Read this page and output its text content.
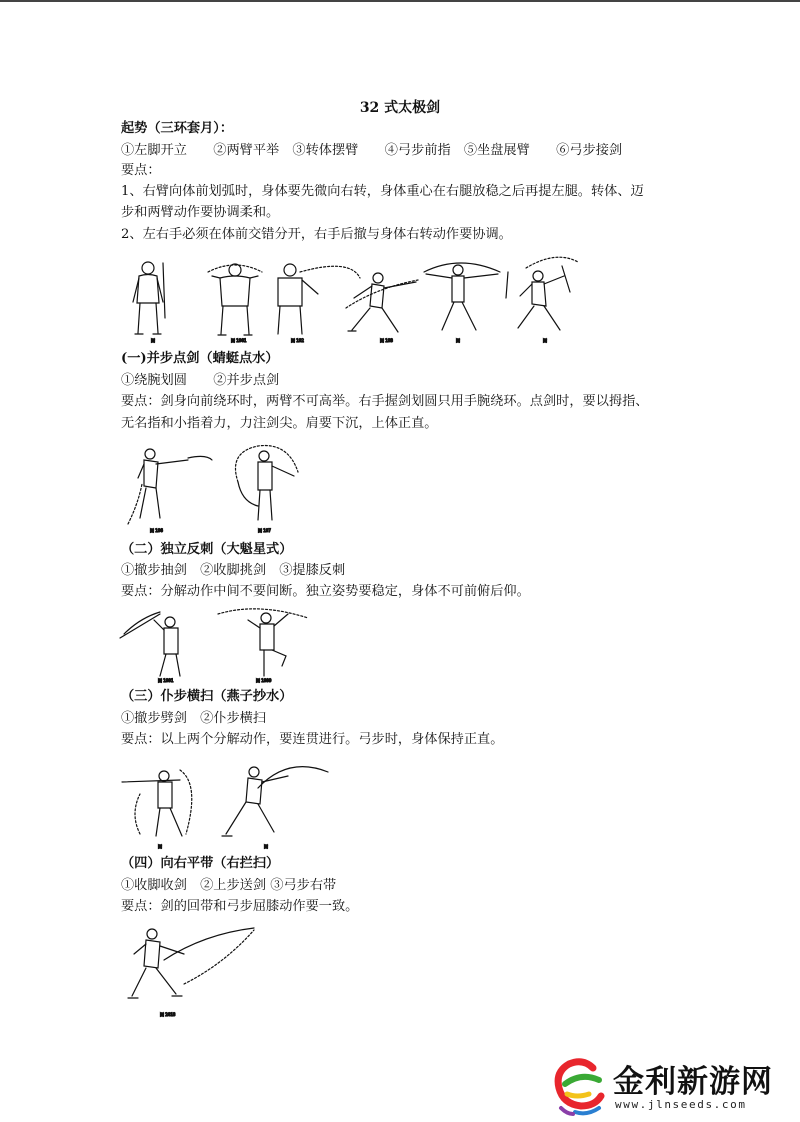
32 式太极剑
起势（三环套月）：
①左脚开立　　②两臂平举　③转体摆臂　　④弓步前指　⑤坐盘展臂　　⑥弓步接剑
要点：
1、右臂向体前划弧时，身体要先微向右转，身体重心在右腿放稳之后再提左腿。转体、迈
步和两臂动作要协调柔和。
2、左右手必须在体前交错分开，右手后撤与身体右转动作要协调。
图	图 1961	图 192	图 193	图	图
(一)并步点剑（蜻蜓点水）
①绕腕划圆　　②并步点剑
要点：剑身向前绕环时，两臂不可高举。右手握剑划圆只用手腕绕环。点剑时，要以拇指、
无名指和小指着力，力注剑尖。肩要下沉，上体正直。
图 196	图 197
（二）独立反刺（大魁星式）
①撤步抽剑　②收脚挑剑　③提膝反刺
要点：分解动作中间不要间断。独立姿势要稳定，身体不可前俯后仰。
图 1991	图 1999
（三）仆步横扫（燕子抄水）
①撤步劈剑　②仆步横扫
要点：以上两个分解动作，要连贯进行。弓步时，身体保持正直。
图	图
（四）向右平带（右拦扫）
①收脚收剑　②上步送剑 ③弓步右带
要点：剑的回带和弓步屈膝动作要一致。
图 2013
金利新游网
www.jlnseeds.com
